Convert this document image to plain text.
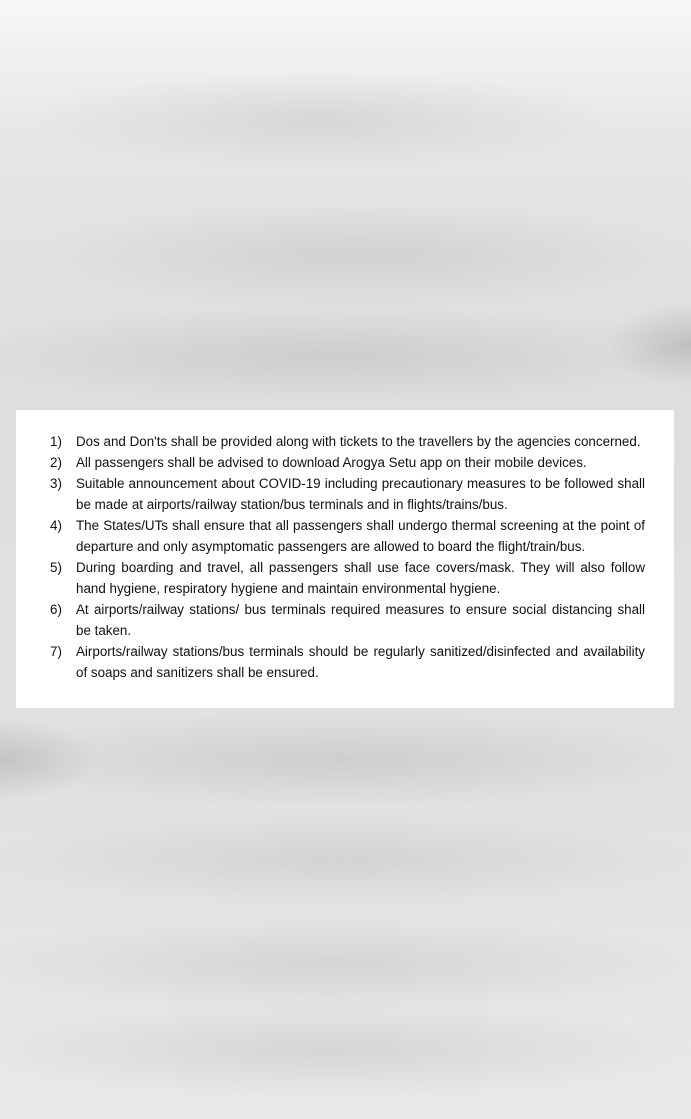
1)	Dos and Don'ts shall be provided along with tickets to the travellers by the agencies concerned.
2)	All passengers shall be advised to download Arogya Setu app on their mobile devices.
3)	Suitable announcement about COVID-19 including precautionary measures to be followed shall be made at airports/railway station/bus terminals and in flights/trains/bus.
4)	The States/UTs shall ensure that all passengers shall undergo thermal screening at the point of departure and only asymptomatic passengers are allowed to board the flight/train/bus.
5)	During boarding and travel, all passengers shall use face covers/mask. They will also follow hand hygiene, respiratory hygiene and maintain environmental hygiene.
6)	At airports/railway stations/ bus terminals required measures to ensure social distancing shall be taken.
7)	Airports/railway stations/bus terminals should be regularly sanitized/disinfected and availability of soaps and sanitizers shall be ensured.
